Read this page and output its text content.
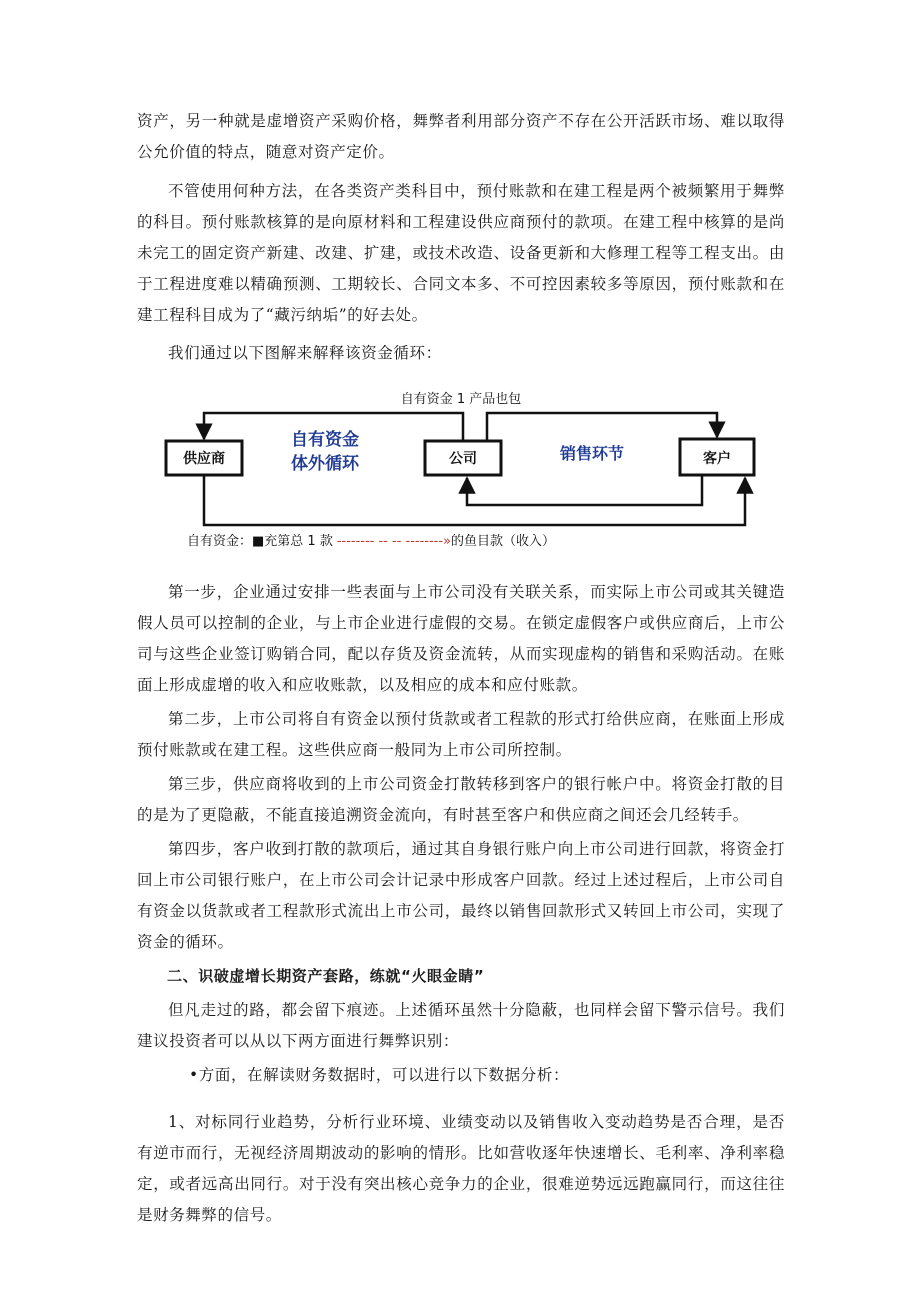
资产，另一种就是虚增资产采购价格，舞弊者利用部分资产不存在公开活跃市场、难以取得公允价值的特点，随意对资产定价。

不管使用何种方法，在各类资产类科目中，预付账款和在建工程是两个被频繁用于舞弊的科目。预付账款核算的是向原材料和工程建设供应商预付的款项。在建工程中核算的是尚未完工的固定资产新建、改建、扩建，或技术改造、设备更新和大修理工程等工程支出。由于工程进度难以精确预测、工期较长、合同文本多、不可控因素较多等原因，预付账款和在建工程科目成为了“藏污纳垢”的好去处。

我们通过以下图解来解释该资金循环：

自有资金 1 产品也包
供应商	公司	客户
自有资金
体外循环
销售环节
自有资金：■充第总 1 款 -------- -- -- --------»的鱼目款（收入）

第一步，企业通过安排一些表面与上市公司没有关联关系，而实际上市公司或其关键造假人员可以控制的企业，与上市企业进行虚假的交易。在锁定虚假客户或供应商后，上市公司与这些企业签订购销合同，配以存货及资金流转，从而实现虚构的销售和采购活动。在账面上形成虚增的收入和应收账款，以及相应的成本和应付账款。

第二步，上市公司将自有资金以预付货款或者工程款的形式打给供应商，在账面上形成预付账款或在建工程。这些供应商一般同为上市公司所控制。

第三步，供应商将收到的上市公司资金打散转移到客户的银行帐户中。将资金打散的目的是为了更隐蔽，不能直接追溯资金流向，有时甚至客户和供应商之间还会几经转手。

第四步，客户收到打散的款项后，通过其自身银行账户向上市公司进行回款，将资金打回上市公司银行账户，在上市公司会计记录中形成客户回款。经过上述过程后，上市公司自有资金以货款或者工程款形式流出上市公司，最终以销售回款形式又转回上市公司，实现了资金的循环。

二、识破虚增长期资产套路，练就“火眼金睛”

但凡走过的路，都会留下痕迹。上述循环虽然十分隐蔽，也同样会留下警示信号。我们建议投资者可以从以下两方面进行舞弊识别：

•方面，在解读财务数据时，可以进行以下数据分析：

1、对标同行业趋势，分析行业环境、业绩变动以及销售收入变动趋势是否合理，是否有逆市而行，无视经济周期波动的影响的情形。比如营收逐年快速增长、毛利率、净利率稳定，或者远高出同行。对于没有突出核心竞争力的企业，很难逆势远远跑赢同行，而这往往是财务舞弊的信号。
